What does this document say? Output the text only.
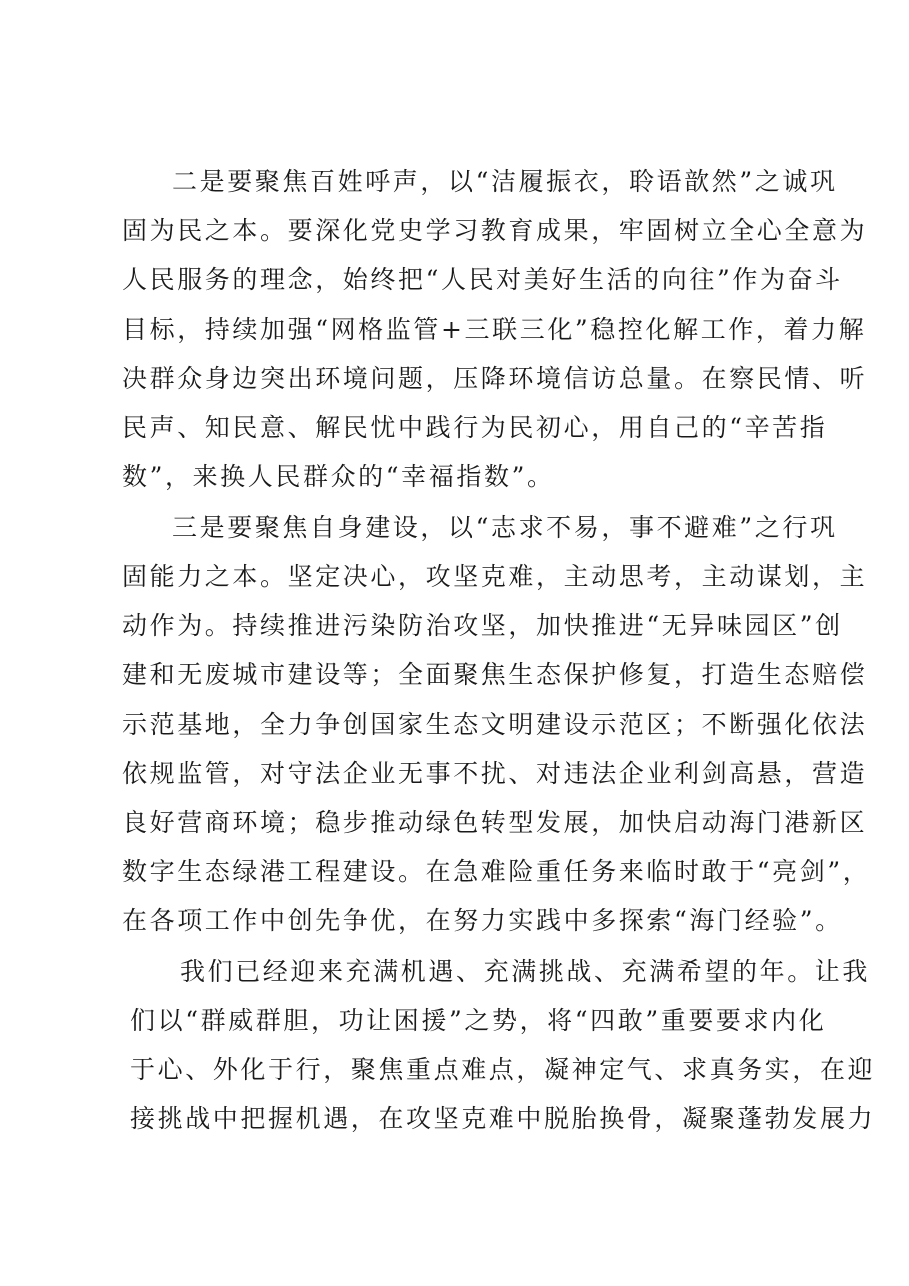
二是要聚焦百姓呼声，以“洁履振衣，聆语歆然”之诚巩
固为民之本。要深化党史学习教育成果，牢固树立全心全意为
人民服务的理念，始终把“人民对美好生活的向往”作为奋斗
目标，持续加强“网格监管+三联三化”稳控化解工作，着力解
决群众身边突出环境问题，压降环境信访总量。在察民情、听
民声、知民意、解民忧中践行为民初心，用自己的“辛苦指
数”，来换人民群众的“幸福指数”。
三是要聚焦自身建设，以“志求不易，事不避难”之行巩
固能力之本。坚定决心，攻坚克难，主动思考，主动谋划，主
动作为。持续推进污染防治攻坚，加快推进“无异味园区”创
建和无废城市建设等；全面聚焦生态保护修复，打造生态赔偿
示范基地，全力争创国家生态文明建设示范区；不断强化依法
依规监管，对守法企业无事不扰、对违法企业利剑高悬，营造
良好营商环境；稳步推动绿色转型发展，加快启动海门港新区
数字生态绿港工程建设。在急难险重任务来临时敢于“亮剑”，
在各项工作中创先争优，在努力实践中多探索“海门经验”。
我们已经迎来充满机遇、充满挑战、充满希望的年。让我
们以“群威群胆，功让困援”之势，将“四敢”重要要求内化
于心、外化于行，聚焦重点难点，凝神定气、求真务实，在迎
接挑战中把握机遇，在攻坚克难中脱胎换骨，凝聚蓬勃发展力
